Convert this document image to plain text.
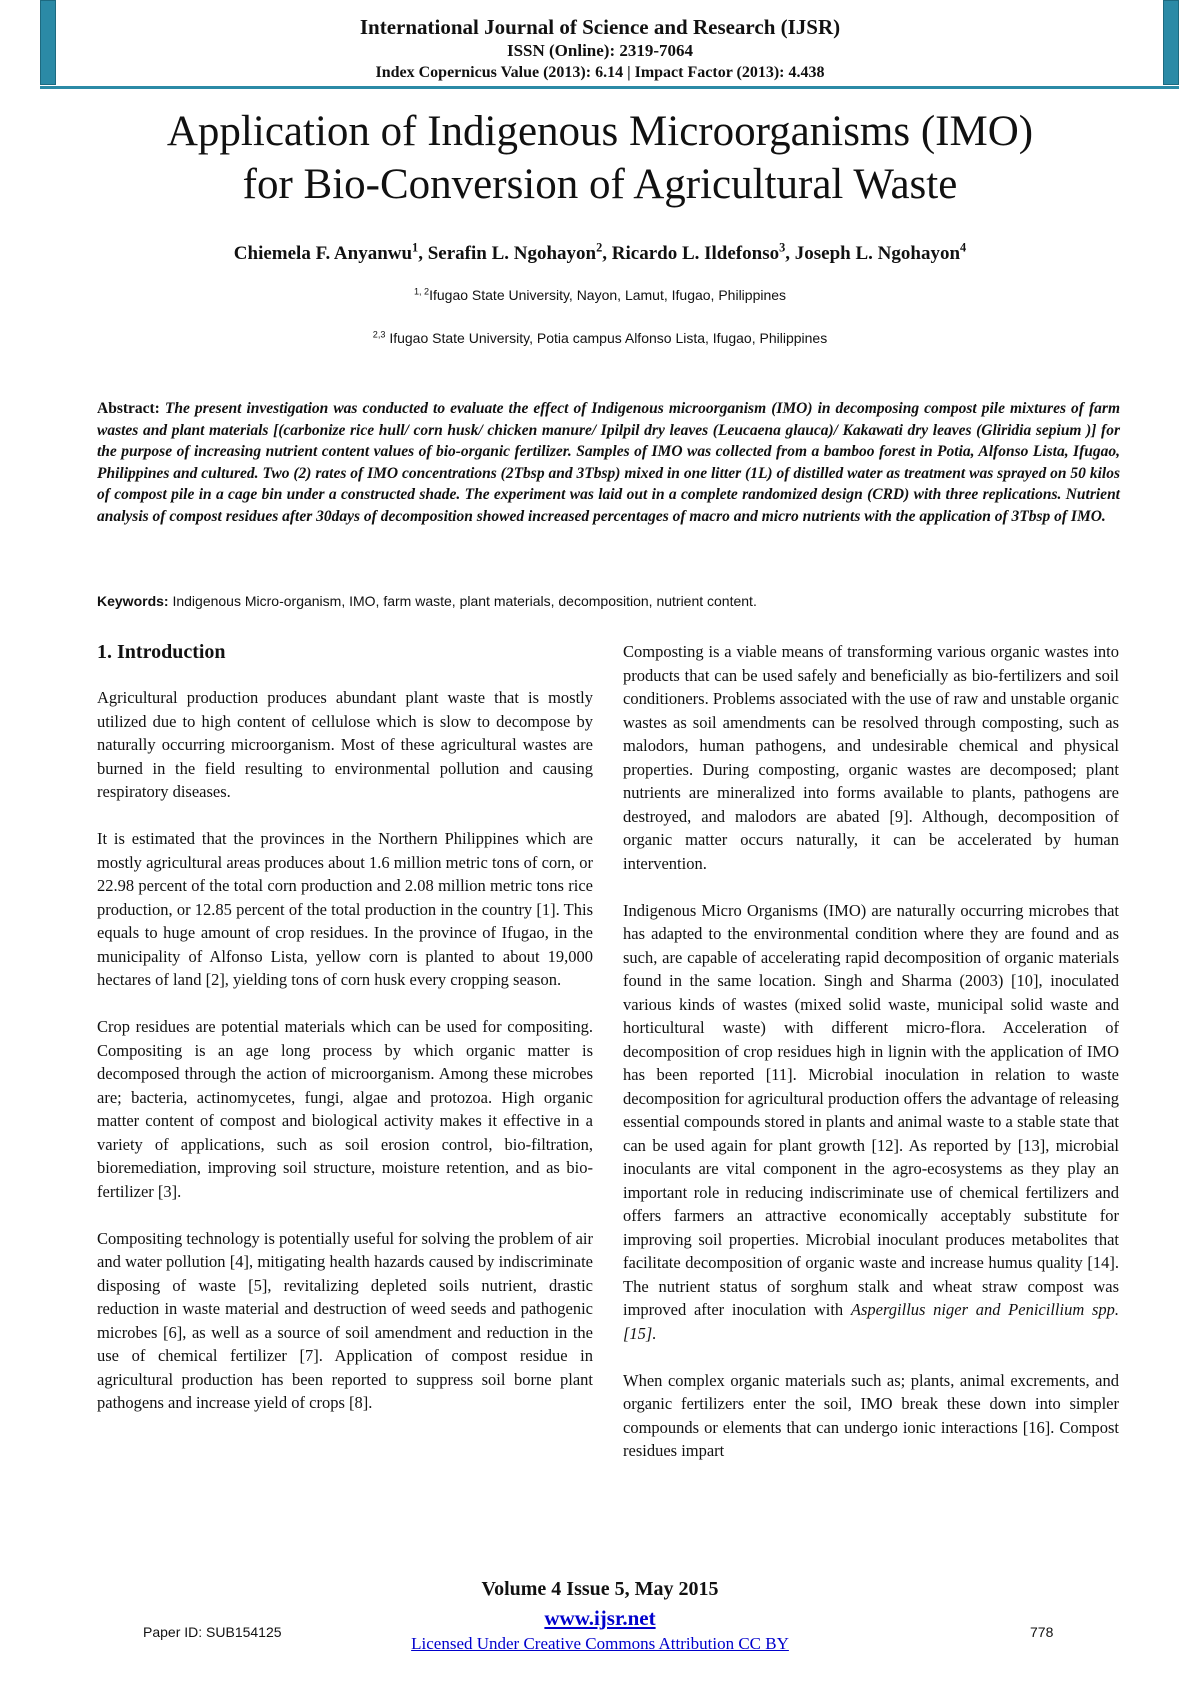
International Journal of Science and Research (IJSR)
ISSN (Online): 2319-7064
Index Copernicus Value (2013): 6.14 | Impact Factor (2013): 4.438
Application of Indigenous Microorganisms (IMO)
for Bio-Conversion of Agricultural Waste
Chiemela F. Anyanwu$^1$, Serafin L. Ngohayon$^2$, Ricardo L. Ildefonso$^3$, Joseph L. Ngohayon$^4$
$^{1, 2}$Ifugao State University, Nayon, Lamut, Ifugao, Philippines
$^{2,3}$ Ifugao State University, Potia campus Alfonso Lista, Ifugao, Philippines
Abstract: The present investigation was conducted to evaluate the effect of Indigenous microorganism (IMO) in decomposing compost pile mixtures of farm wastes and plant materials [(carbonize rice hull/ corn husk/ chicken manure/ Ipilpil dry leaves (Leucaena glauca)/ Kakawati dry leaves (Gliridia sepium )] for the purpose of increasing nutrient content values of bio-organic fertilizer. Samples of IMO was collected from a bamboo forest in Potia, Alfonso Lista, Ifugao, Philippines and cultured. Two (2) rates of IMO concentrations (2Tbsp and 3Tbsp) mixed in one litter (1L) of distilled water as treatment was sprayed on 50 kilos of compost pile in a cage bin under a constructed shade. The experiment was laid out in a complete randomized design (CRD) with three replications. Nutrient analysis of compost residues after 30days of decomposition showed increased percentages of macro and micro nutrients with the application of 3Tbsp of IMO.
Keywords: Indigenous Micro-organism, IMO, farm waste, plant materials, decomposition, nutrient content.
1. Introduction

Agricultural production produces abundant plant waste that is mostly utilized due to high content of cellulose which is slow to decompose by naturally occurring microorganism. Most of these agricultural wastes are burned in the field resulting to environmental pollution and causing respiratory diseases.

It is estimated that the provinces in the Northern Philippines which are mostly agricultural areas produces about 1.6 million metric tons of corn, or 22.98 percent of the total corn production and 2.08 million metric tons rice production, or 12.85 percent of the total production in the country [1]. This equals to huge amount of crop residues. In the province of Ifugao, in the municipality of Alfonso Lista, yellow corn is planted to about 19,000 hectares of land [2], yielding tons of corn husk every cropping season.

Crop residues are potential materials which can be used for compositing. Compositing is an age long process by which organic matter is decomposed through the action of microorganism. Among these microbes are; bacteria, actinomycetes, fungi, algae and protozoa. High organic matter content of compost and biological activity makes it effective in a variety of applications, such as soil erosion control, bio-filtration, bioremediation, improving soil structure, moisture retention, and as bio-fertilizer [3].

Compositing technology is potentially useful for solving the problem of air and water pollution [4], mitigating health hazards caused by indiscriminate disposing of waste [5], revitalizing depleted soils nutrient, drastic reduction in waste material and destruction of weed seeds and pathogenic microbes [6], as well as a source of soil amendment and reduction in the use of chemical fertilizer [7]. Application of compost residue in agricultural production has been reported to suppress soil borne plant pathogens and increase yield of crops [8].

Composting is a viable means of transforming various organic wastes into products that can be used safely and beneficially as bio-fertilizers and soil conditioners. Problems associated with the use of raw and unstable organic wastes as soil amendments can be resolved through composting, such as malodors, human pathogens, and undesirable chemical and physical properties. During composting, organic wastes are decomposed; plant nutrients are mineralized into forms available to plants, pathogens are destroyed, and malodors are abated [9]. Although, decomposition of organic matter occurs naturally, it can be accelerated by human intervention.

Indigenous Micro Organisms (IMO) are naturally occurring microbes that has adapted to the environmental condition where they are found and as such, are capable of accelerating rapid decomposition of organic materials found in the same location. Singh and Sharma (2003) [10], inoculated various kinds of wastes (mixed solid waste, municipal solid waste and horticultural waste) with different micro-flora. Acceleration of decomposition of crop residues high in lignin with the application of IMO has been reported [11]. Microbial inoculation in relation to waste decomposition for agricultural production offers the advantage of releasing essential compounds stored in plants and animal waste to a stable state that can be used again for plant growth [12]. As reported by [13], microbial inoculants are vital component in the agro-ecosystems as they play an important role in reducing indiscriminate use of chemical fertilizers and offers farmers an attractive economically acceptably substitute for improving soil properties. Microbial inoculant produces metabolites that facilitate decomposition of organic waste and increase humus quality [14]. The nutrient status of sorghum stalk and wheat straw compost was improved after inoculation with Aspergillus niger and Penicillium spp. [15].

When complex organic materials such as; plants, animal excrements, and organic fertilizers enter the soil, IMO break these down into simpler compounds or elements that can undergo ionic interactions [16]. Compost residues impart

Volume 4 Issue 5, May 2015
www.ijsr.net
Licensed Under Creative Commons Attribution CC BY
Paper ID: SUB154125	778
